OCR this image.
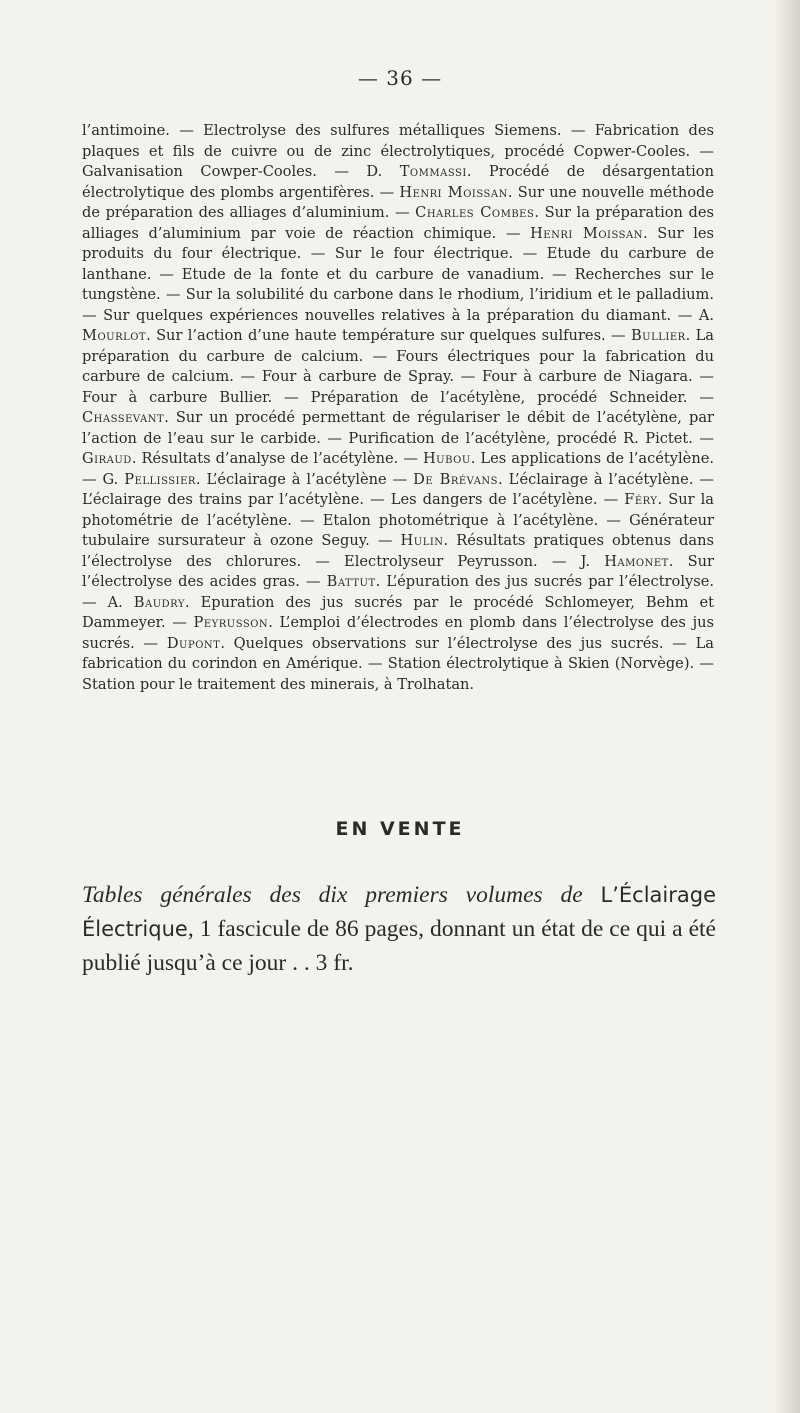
— 36 —
l’antimoine. — Electrolyse des sulfures métalliques Siemens. — Fabrication des plaques et fils de cuivre ou de zinc électrolytiques, procédé Copwer-Cooles. — Galvanisation Cowper-Cooles. — D. Tommassi. Procédé de désargentation électrolytique des plombs argentifères. — Henri Moissan. Sur une nouvelle méthode de préparation des alliages d’aluminium. — Charles Combes. Sur la préparation des alliages d’aluminium par voie de réaction chimique. — Henri Moissan. Sur les produits du four électrique. — Sur le four électrique. — Etude du carbure de lanthane. — Etude de la fonte et du carbure de vanadium. — Recherches sur le tungstène. — Sur la solubilité du carbone dans le rhodium, l’iridium et le palladium. — Sur quelques expériences nouvelles relatives à la préparation du diamant. — A. Mourlot. Sur l’action d’une haute température sur quelques sulfures. — Bullier. La préparation du carbure de calcium. — Fours électriques pour la fabrication du carbure de calcium. — Four à carbure de Spray. — Four à carbure de Niagara. — Four à carbure Bullier. — Préparation de l’acétylène, procédé Schneider. — Chassevant. Sur un procédé permettant de régulariser le débit de l’acétylène, par l’action de l’eau sur le carbide. — Purification de l’acétylène, procédé R. Pictet. — Giraud. Résultats d’analyse de l’acétylène. — Hubou. Les applications de l’acétylène. — G. Pellissier. L’éclairage à l’acétylène — De Brévans. L’éclairage à l’acétylène. — L’éclairage des trains par l’acétylène. — Les dangers de l’acétylène. — Féry. Sur la photométrie de l’acétylène. — Etalon photométrique à l’acétylène. — Générateur tubulaire sursurateur à ozone Seguy. — Hulin. Résultats pratiques obtenus dans l’électrolyse des chlorures. — Electrolyseur Peyrusson. — J. Hamonet. Sur l’électrolyse des acides gras. — Battut. L’épuration des jus sucrés par l’électrolyse. — A. Baudry. Epuration des jus sucrés par le procédé Schlomeyer, Behm et Dammeyer. — Peyrusson. L’emploi d’électrodes en plomb dans l’électrolyse des jus sucrés. — Dupont. Quelques observations sur l’électrolyse des jus sucrés. — La fabrication du corindon en Amérique. — Station électrolytique à Skien (Norvège). — Station pour le traitement des minerais, à Trolhatan.
EN VENTE
Tables générales des dix premiers volumes de L’Éclairage Électrique, 1 fascicule de 86 pages, donnant un état de ce qui a été publié jusqu’à ce jour . . 3 fr.
